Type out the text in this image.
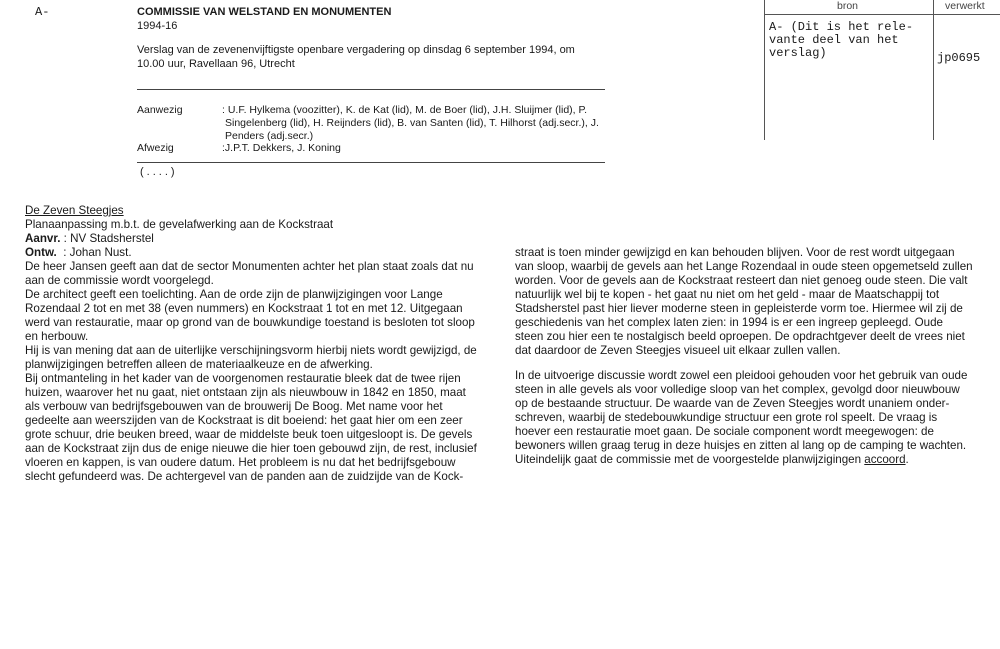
A-	COMMISSIE VAN WELSTAND EN MONUMENTEN
1994-16
Verslag van de zevenenvijftigste openbare vergadering op dinsdag 6 september 1994, om
10.00 uur, Ravellaan 96, Utrecht
Aanwezig	: U.F. Hylkema (voozitter), K. de Kat (lid), M. de Boer (lid), J.H. Sluijmer (lid), P.
Singelenberg (lid), H. Reijnders (lid), B. van Santen (lid), T. Hilhorst (adj.secr.), J.
Penders (adj.secr.)
Afwezig	:J.P.T. Dekkers, J. Koning
(....)
bron	verwerkt
A- (Dit is het rele-
vante deel van het
verslag)	jp0695
De Zeven Steegjes
Planaanpassing m.b.t. de gevelafwerking aan de Kockstraat
Aanvr. : NV Stadsherstel
Ontw.  : Johan Nust.
De heer Jansen geeft aan dat de sector Monumenten achter het plan staat zoals dat nu
aan de commissie wordt voorgelegd.
De architect geeft een toelichting. Aan de orde zijn de planwijzigingen voor Lange
Rozendaal 2 tot en met 38 (even nummers) en Kockstraat 1 tot en met 12. Uitgegaan
werd van restauratie, maar op grond van de bouwkundige toestand is besloten tot sloop
en herbouw.
Hij is van mening dat aan de uiterlijke verschijningsvorm hierbij niets wordt gewijzigd, de
planwijzigingen betreffen alleen de materiaalkeuze en de afwerking.
Bij ontmanteling in het kader van de voorgenomen restauratie bleek dat de twee rijen
huizen, waarover het nu gaat, niet ontstaan zijn als nieuwbouw in 1842 en 1850, maat
als verbouw van bedrijfsgebouwen van de brouwerij De Boog. Met name voor het
gedeelte aan weerszijden van de Kockstraat is dit boeiend: het gaat hier om een zeer
grote schuur, drie beuken breed, waar de middelste beuk toen uitgesloopt is. De gevels
aan de Kockstraat zijn dus de enige nieuwe die hier toen gebouwd zijn, de rest, inclusief
vloeren en kappen, is van oudere datum. Het probleem is nu dat het bedrijfsgebouw
slecht gefundeerd was. De achtergevel van de panden aan de zuidzijde van de Kock-
straat is toen minder gewijzigd en kan behouden blijven. Voor de rest wordt uitgegaan
van sloop, waarbij de gevels aan het Lange Rozendaal in oude steen opgemetseld zullen
worden. Voor de gevels aan de Kockstraat resteert dan niet genoeg oude steen. Die valt
natuurlijk wel bij te kopen - het gaat nu niet om het geld - maar de Maatschappij tot
Stadsherstel past hier liever moderne steen in gepleisterde vorm toe. Hiermee wil zij de
geschiedenis van het complex laten zien: in 1994 is er een ingreep gepleegd. Oude
steen zou hier een te nostalgisch beeld oproepen. De opdrachtgever deelt de vrees niet
dat daardoor de Zeven Steegjes visueel uit elkaar zullen vallen.
In de uitvoerige discussie wordt zowel een pleidooi gehouden voor het gebruik van oude
steen in alle gevels als voor volledige sloop van het complex, gevolgd door nieuwbouw
op de bestaande structuur. De waarde van de Zeven Steegjes wordt unaniem onder-
schreven, waarbij de stedebouwkundige structuur een grote rol speelt. De vraag is
hoever een restauratie moet gaan. De sociale component wordt meegewogen: de
bewoners willen graag terug in deze huisjes en zitten al lang op de camping te wachten.
Uiteindelijk gaat de commissie met de voorgestelde planwijzigingen accoord.
